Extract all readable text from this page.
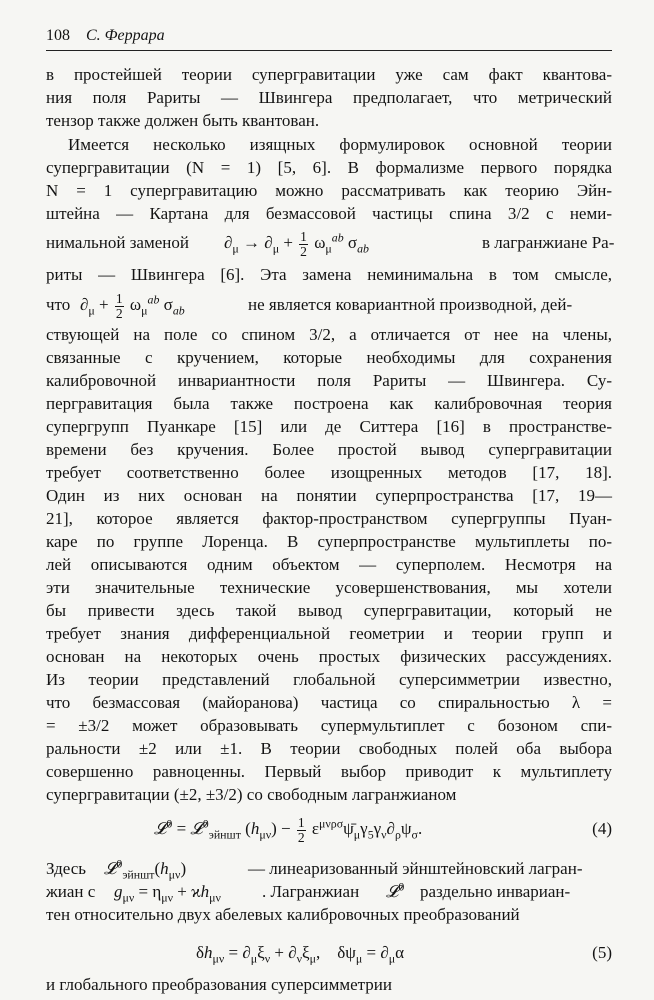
108 С. Феррара
в простейшей теории супергравитации уже сам факт квантова-
ния поля Рариты — Швингера предполагает, что метрический
тензор также должен быть квантован.
Имеется несколько изящных формулировок основной теории
супергравитации (N = 1) [5, 6]. В формализме первого порядка
N = 1 супергравитацию можно рассматривать как теорию Эйн-
штейна — Картана для безмассовой частицы спина 3/2 с неми-
нимальной заменой $\partial_\mu \to \partial_\mu + \frac{1}{2} \omega_\mu^{ab}$ $\sigma_{ab}$	в лагранжиане Ра-
риты — Швингера [6]. Эта замена неминимальна в том смысле,
что $\partial_\mu + \frac{1}{2} \omega_\mu^{ab}$ $\sigma_{ab}$	не является ковариантной производной, дей-
ствующей на поле со спином 3/2, а отличается от нее на члены,
связанные с кручением, которые необходимы для сохранения
калибровочной инвариантности поля Рариты — Швингера. Су-
пергравитация была также построена как калибровочная теория
супергрупп Пуанкаре [15] или де Ситтера [16] в пространстве-
времени без кручения. Более простой вывод супергравитации
требует соответственно более изощренных методов [17, 18].
Один из них основан на понятии суперпространства [17, 19—
21], которое является фактор-пространством супергруппы Пуан-
каре по группе Лоренца. В суперпространстве мультиплеты по-
лей описываются одним объектом — суперполем. Несмотря на
эти значительные технические усовершенствования, мы хотели
бы привести здесь такой вывод супергравитации, который не
требует знания дифференциальной геометрии и теории групп и
основан на некоторых очень простых физических рассуждениях.
Из теории представлений глобальной суперсимметрии известно,
что безмассовая (майоранова) частица со спиральностью λ =
= ±3/2 может образовывать супермультиплет с бозоном спи-
ральности ±2 или ±1. В теории свободных полей оба выбора
совершенно равноценны. Первый выбор приводит к мультиплету
супергравитации (±2, ±3/2) со свободным лагранжианом
𝓛$^0$ = 𝓛$^0_{эйншт}$ $(h_{\mu\nu}) - \frac{1}{2}$ $\varepsilon^{\mu\nu\rho\sigma}\psī_\mu\gamma_5\gamma_\nu\partial_\rho\psi_\sigma$.	(4)
Здесь $𝓛^0_{эйншт}(h_{\mu\nu})$	— линеаризованный эйнштейновский лагран-
жиан с $g_{\mu\nu} = \eta_{\mu\nu} + ϰh_{\mu\nu}$ . Лагранжиан 𝓛$^0$ раздельно инвариан-
тен относительно двух абелевых калибровочных преобразований
$\delta h_{\mu\nu} = \partial_\mu\xi_\nu + \partial_\nu\xi_\mu$,    $\delta\psi_\mu = \partial_\mu\alpha$	(5)
и глобального преобразования суперсимметрии
